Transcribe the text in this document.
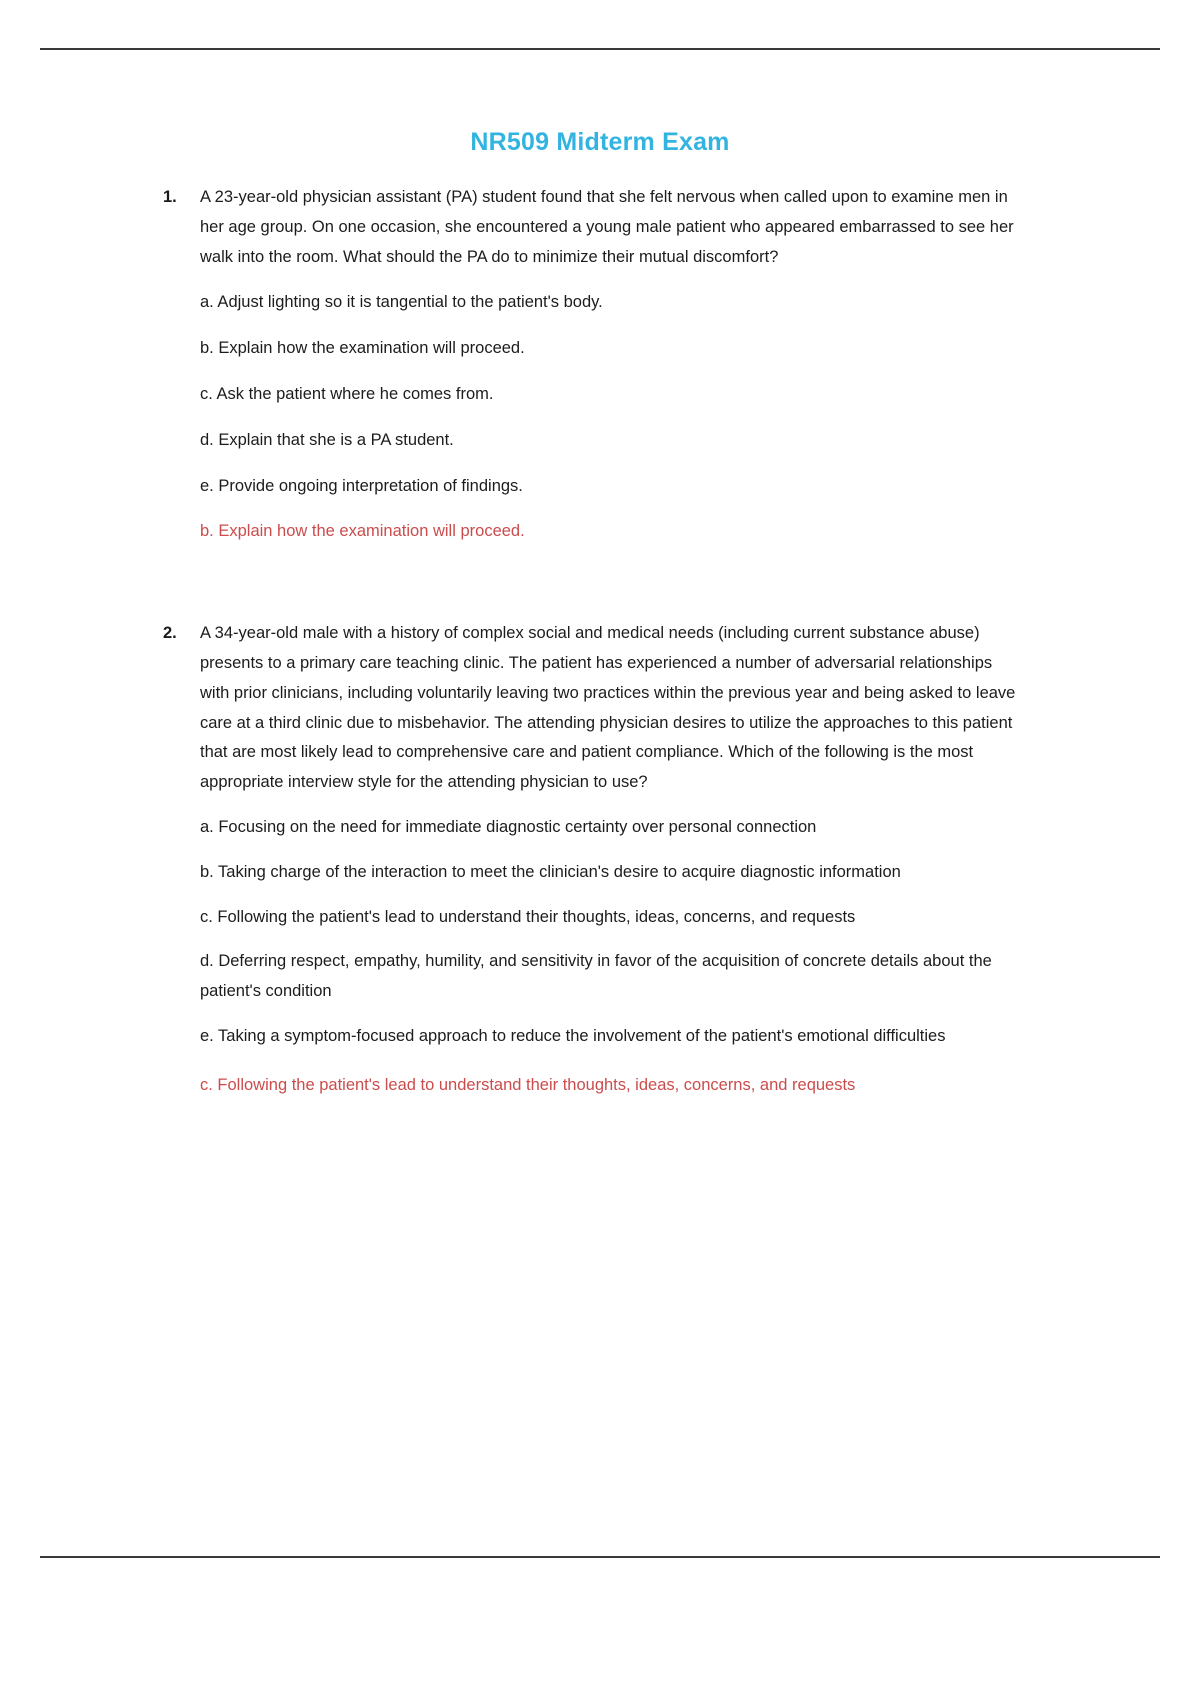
NR509 Midterm Exam
1. A 23-year-old physician assistant (PA) student found that she felt nervous when called upon to examine men in her age group. On one occasion, she encountered a young male patient who appeared embarrassed to see her walk into the room. What should the PA do to minimize their mutual discomfort?

a. Adjust lighting so it is tangential to the patient's body.

b. Explain how the examination will proceed.

c. Ask the patient where he comes from.

d. Explain that she is a PA student.

e. Provide ongoing interpretation of findings.

b. Explain how the examination will proceed.

2. A 34-year-old male with a history of complex social and medical needs (including current substance abuse) presents to a primary care teaching clinic. The patient has experienced a number of adversarial relationships with prior clinicians, including voluntarily leaving two practices within the previous year and being asked to leave care at a third clinic due to misbehavior. The attending physician desires to utilize the approaches to this patient that are most likely lead to comprehensive care and patient compliance. Which of the following is the most appropriate interview style for the attending physician to use?

a. Focusing on the need for immediate diagnostic certainty over personal connection

b. Taking charge of the interaction to meet the clinician's desire to acquire diagnostic information

c. Following the patient's lead to understand their thoughts, ideas, concerns, and requests

d. Deferring respect, empathy, humility, and sensitivity in favor of the acquisition of concrete details about the patient's condition

e. Taking a symptom-focused approach to reduce the involvement of the patient's emotional difficulties

c. Following the patient's lead to understand their thoughts, ideas, concerns, and requests
